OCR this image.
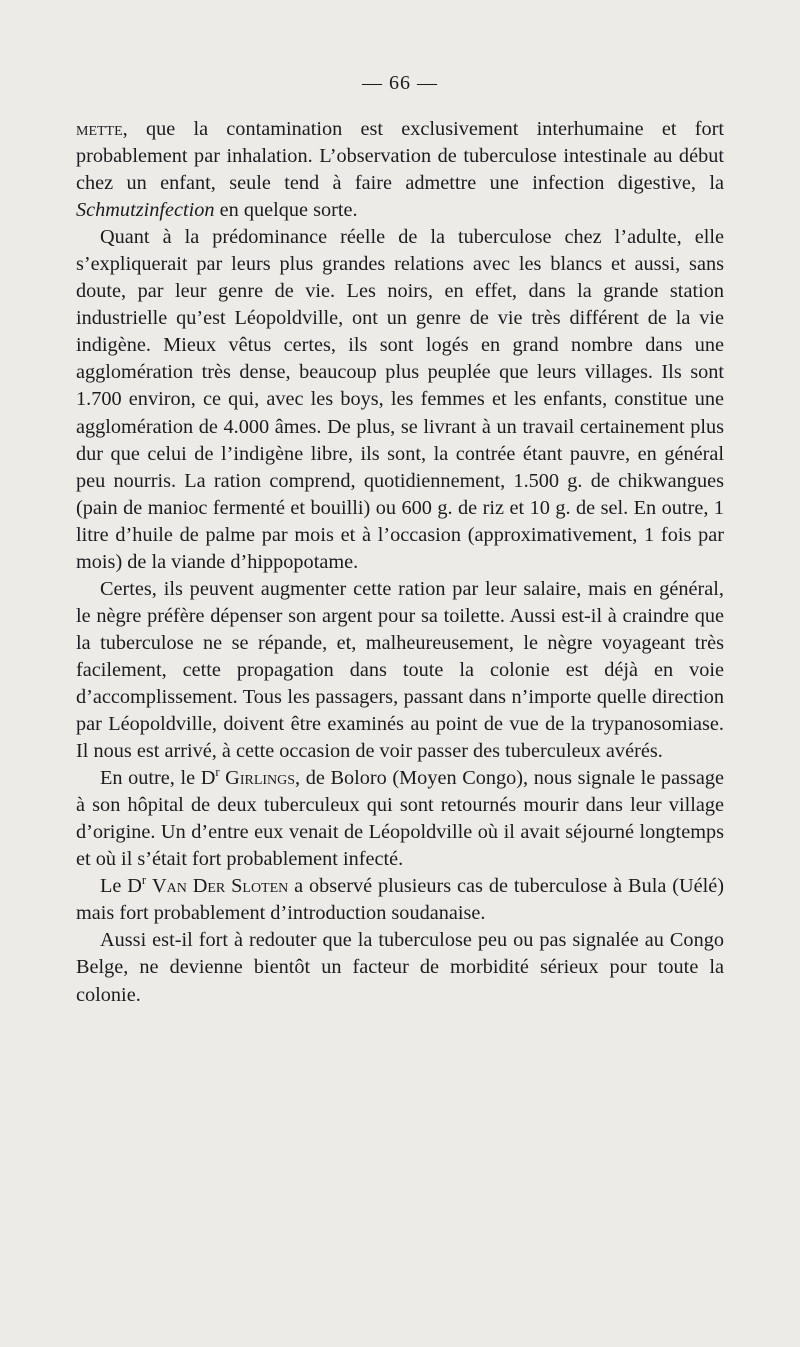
— 66 —

mette, que la contamination est exclusivement interhumaine et fort probablement par inhalation. L’observation de tuberculose intestinale au début chez un enfant, seule tend à faire admettre une infection digestive, la Schmutzinfection en quelque sorte.

Quant à la prédominance réelle de la tuberculose chez l’adulte, elle s’expliquerait par leurs plus grandes relations avec les blancs et aussi, sans doute, par leur genre de vie. Les noirs, en effet, dans la grande station industrielle qu’est Léopoldville, ont un genre de vie très différent de la vie indigène. Mieux vêtus certes, ils sont logés en grand nombre dans une agglomération très dense, beaucoup plus peuplée que leurs villages. Ils sont 1.700 environ, ce qui, avec les boys, les femmes et les enfants, constitue une agglomération de 4.000 âmes. De plus, se livrant à un travail certainement plus dur que celui de l’indigène libre, ils sont, la contrée étant pauvre, en général peu nourris. La ration comprend, quotidiennement, 1.500 g. de chikwangues (pain de manioc fermenté et bouilli) ou 600 g. de riz et 10 g. de sel. En outre, 1 litre d’huile de palme par mois et à l’occasion (approximativement, 1 fois par mois) de la viande d’hippopotame.

Certes, ils peuvent augmenter cette ration par leur salaire, mais en général, le nègre préfère dépenser son argent pour sa toilette. Aussi est-il à craindre que la tuberculose ne se répande, et, malheureusement, le nègre voyageant très facilement, cette propagation dans toute la colonie est déjà en voie d’accomplissement. Tous les passagers, passant dans n’importe quelle direction par Léopoldville, doivent être examinés au point de vue de la trypanosomiase. Il nous est arrivé, à cette occasion de voir passer des tuberculeux avérés.

En outre, le $D^r$ Girlings, de Boloro (Moyen Congo), nous signale le passage à son hôpital de deux tuberculeux qui sont retournés mourir dans leur village d’origine. Un d’entre eux venait de Léopoldville où il avait séjourné longtemps et où il s’était fort probablement infecté.

Le $D^r$ Van Der Sloten a observé plusieurs cas de tuberculose à Bula (Uélé) mais fort probablement d’introduction soudanaise.

Aussi est-il fort à redouter que la tuberculose peu ou pas signalée au Congo Belge, ne devienne bientôt un facteur de morbidité sérieux pour toute la colonie.
